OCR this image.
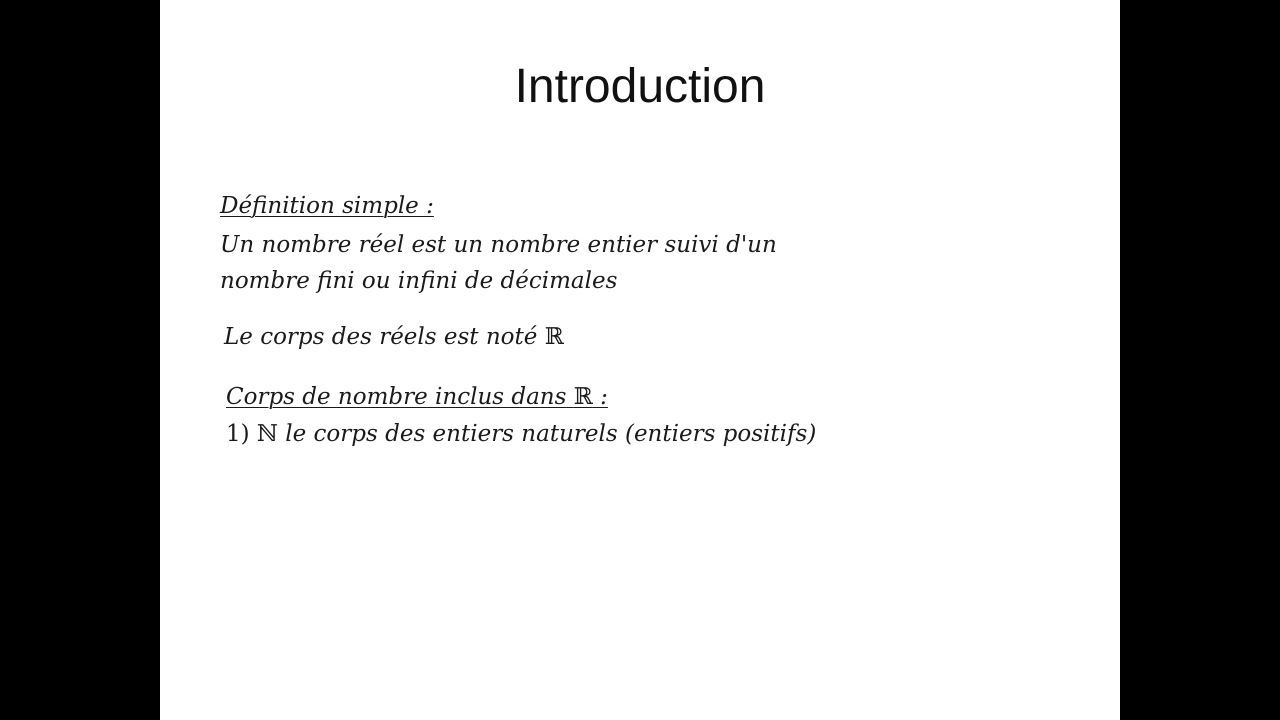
Introduction
Définition simple :
Un nombre réel est un nombre entier suivi d'un
nombre fini ou infini de décimales
Le corps des réels est noté ℝ
Corps de nombre inclus dans ℝ :
1) ℕ le corps des entiers naturels (entiers positifs)
